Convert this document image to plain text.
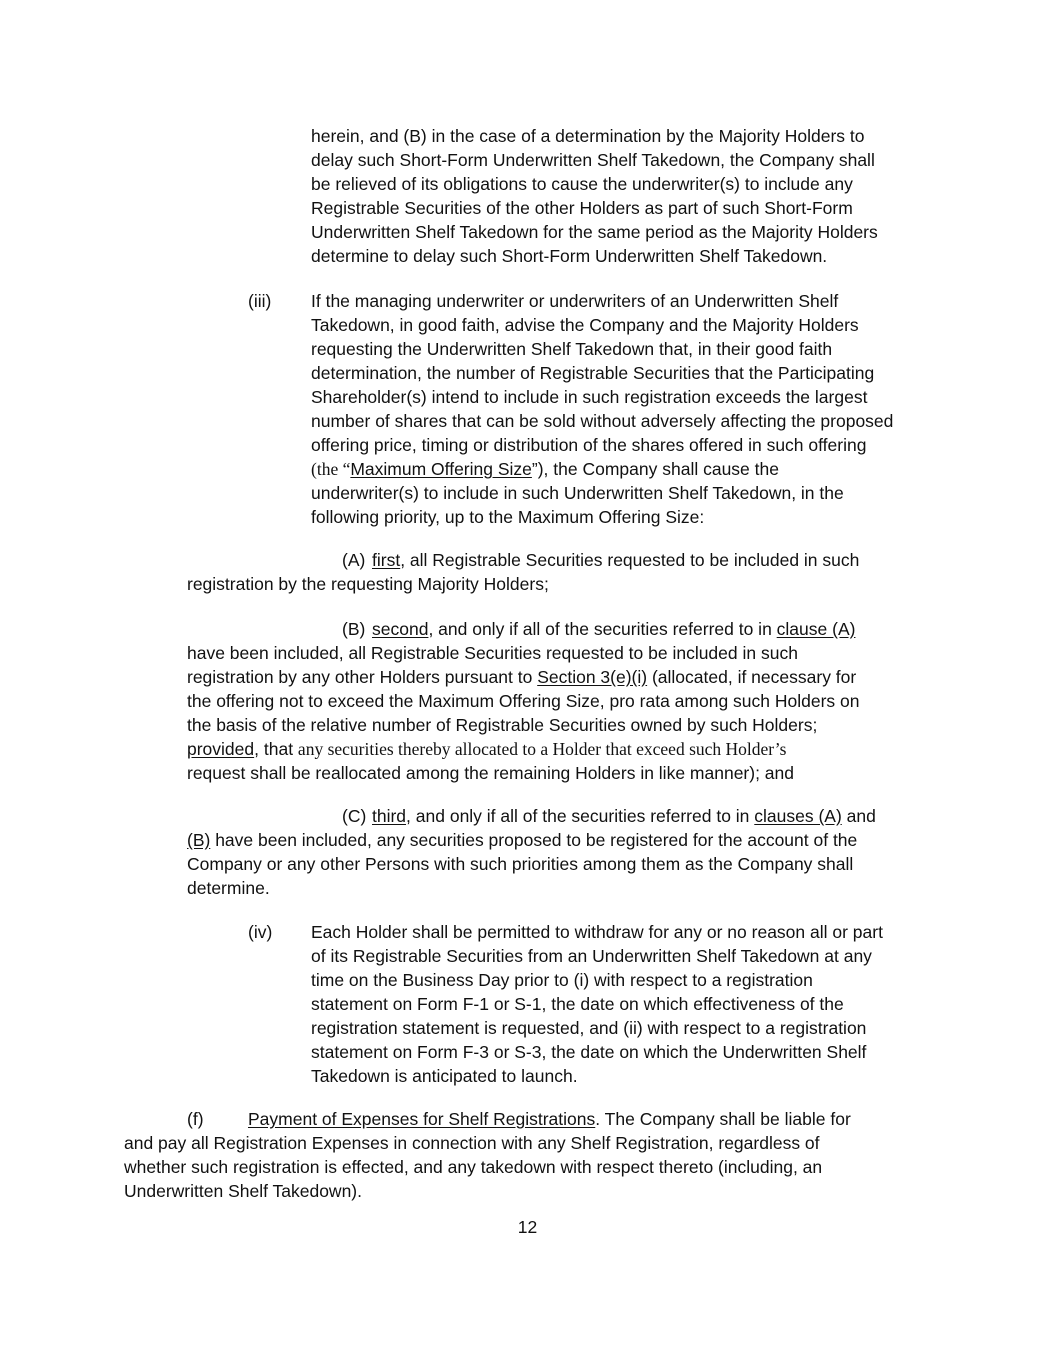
herein, and (B) in the case of a determination by the Majority Holders to
delay such Short-Form Underwritten Shelf Takedown, the Company shall
be relieved of its obligations to cause the underwriter(s) to include any
Registrable Securities of the other Holders as part of such Short-Form
Underwritten Shelf Takedown for the same period as the Majority Holders
determine to delay such Short-Form Underwritten Shelf Takedown.
(iii) If the managing underwriter or underwriters of an Underwritten Shelf
Takedown, in good faith, advise the Company and the Majority Holders
requesting the Underwritten Shelf Takedown that, in their good faith
determination, the number of Registrable Securities that the Participating
Shareholder(s) intend to include in such registration exceeds the largest
number of shares that can be sold without adversely affecting the proposed
offering price, timing or distribution of the shares offered in such offering
(the “Maximum Offering Size”), the Company shall cause the
underwriter(s) to include in such Underwritten Shelf Takedown, in the
following priority, up to the Maximum Offering Size:
(A) first, all Registrable Securities requested to be included in such
registration by the requesting Majority Holders;
(B) second, and only if all of the securities referred to in clause (A)
have been included, all Registrable Securities requested to be included in such
registration by any other Holders pursuant to Section 3(e)(i) (allocated, if necessary for
the offering not to exceed the Maximum Offering Size, pro rata among such Holders on
the basis of the relative number of Registrable Securities owned by such Holders;
provided, that any securities thereby allocated to a Holder that exceed such Holder’s
request shall be reallocated among the remaining Holders in like manner); and
(C) third, and only if all of the securities referred to in clauses (A) and
(B) have been included, any securities proposed to be registered for the account of the
Company or any other Persons with such priorities among them as the Company shall
determine.
(iv) Each Holder shall be permitted to withdraw for any or no reason all or part
of its Registrable Securities from an Underwritten Shelf Takedown at any
time on the Business Day prior to (i) with respect to a registration
statement on Form F-1 or S-1, the date on which effectiveness of the
registration statement is requested, and (ii) with respect to a registration
statement on Form F-3 or S-3, the date on which the Underwritten Shelf
Takedown is anticipated to launch.
(f)	Payment of Expenses for Shelf Registrations. The Company shall be liable for
and pay all Registration Expenses in connection with any Shelf Registration, regardless of
whether such registration is effected, and any takedown with respect thereto (including, an
Underwritten Shelf Takedown).
12
